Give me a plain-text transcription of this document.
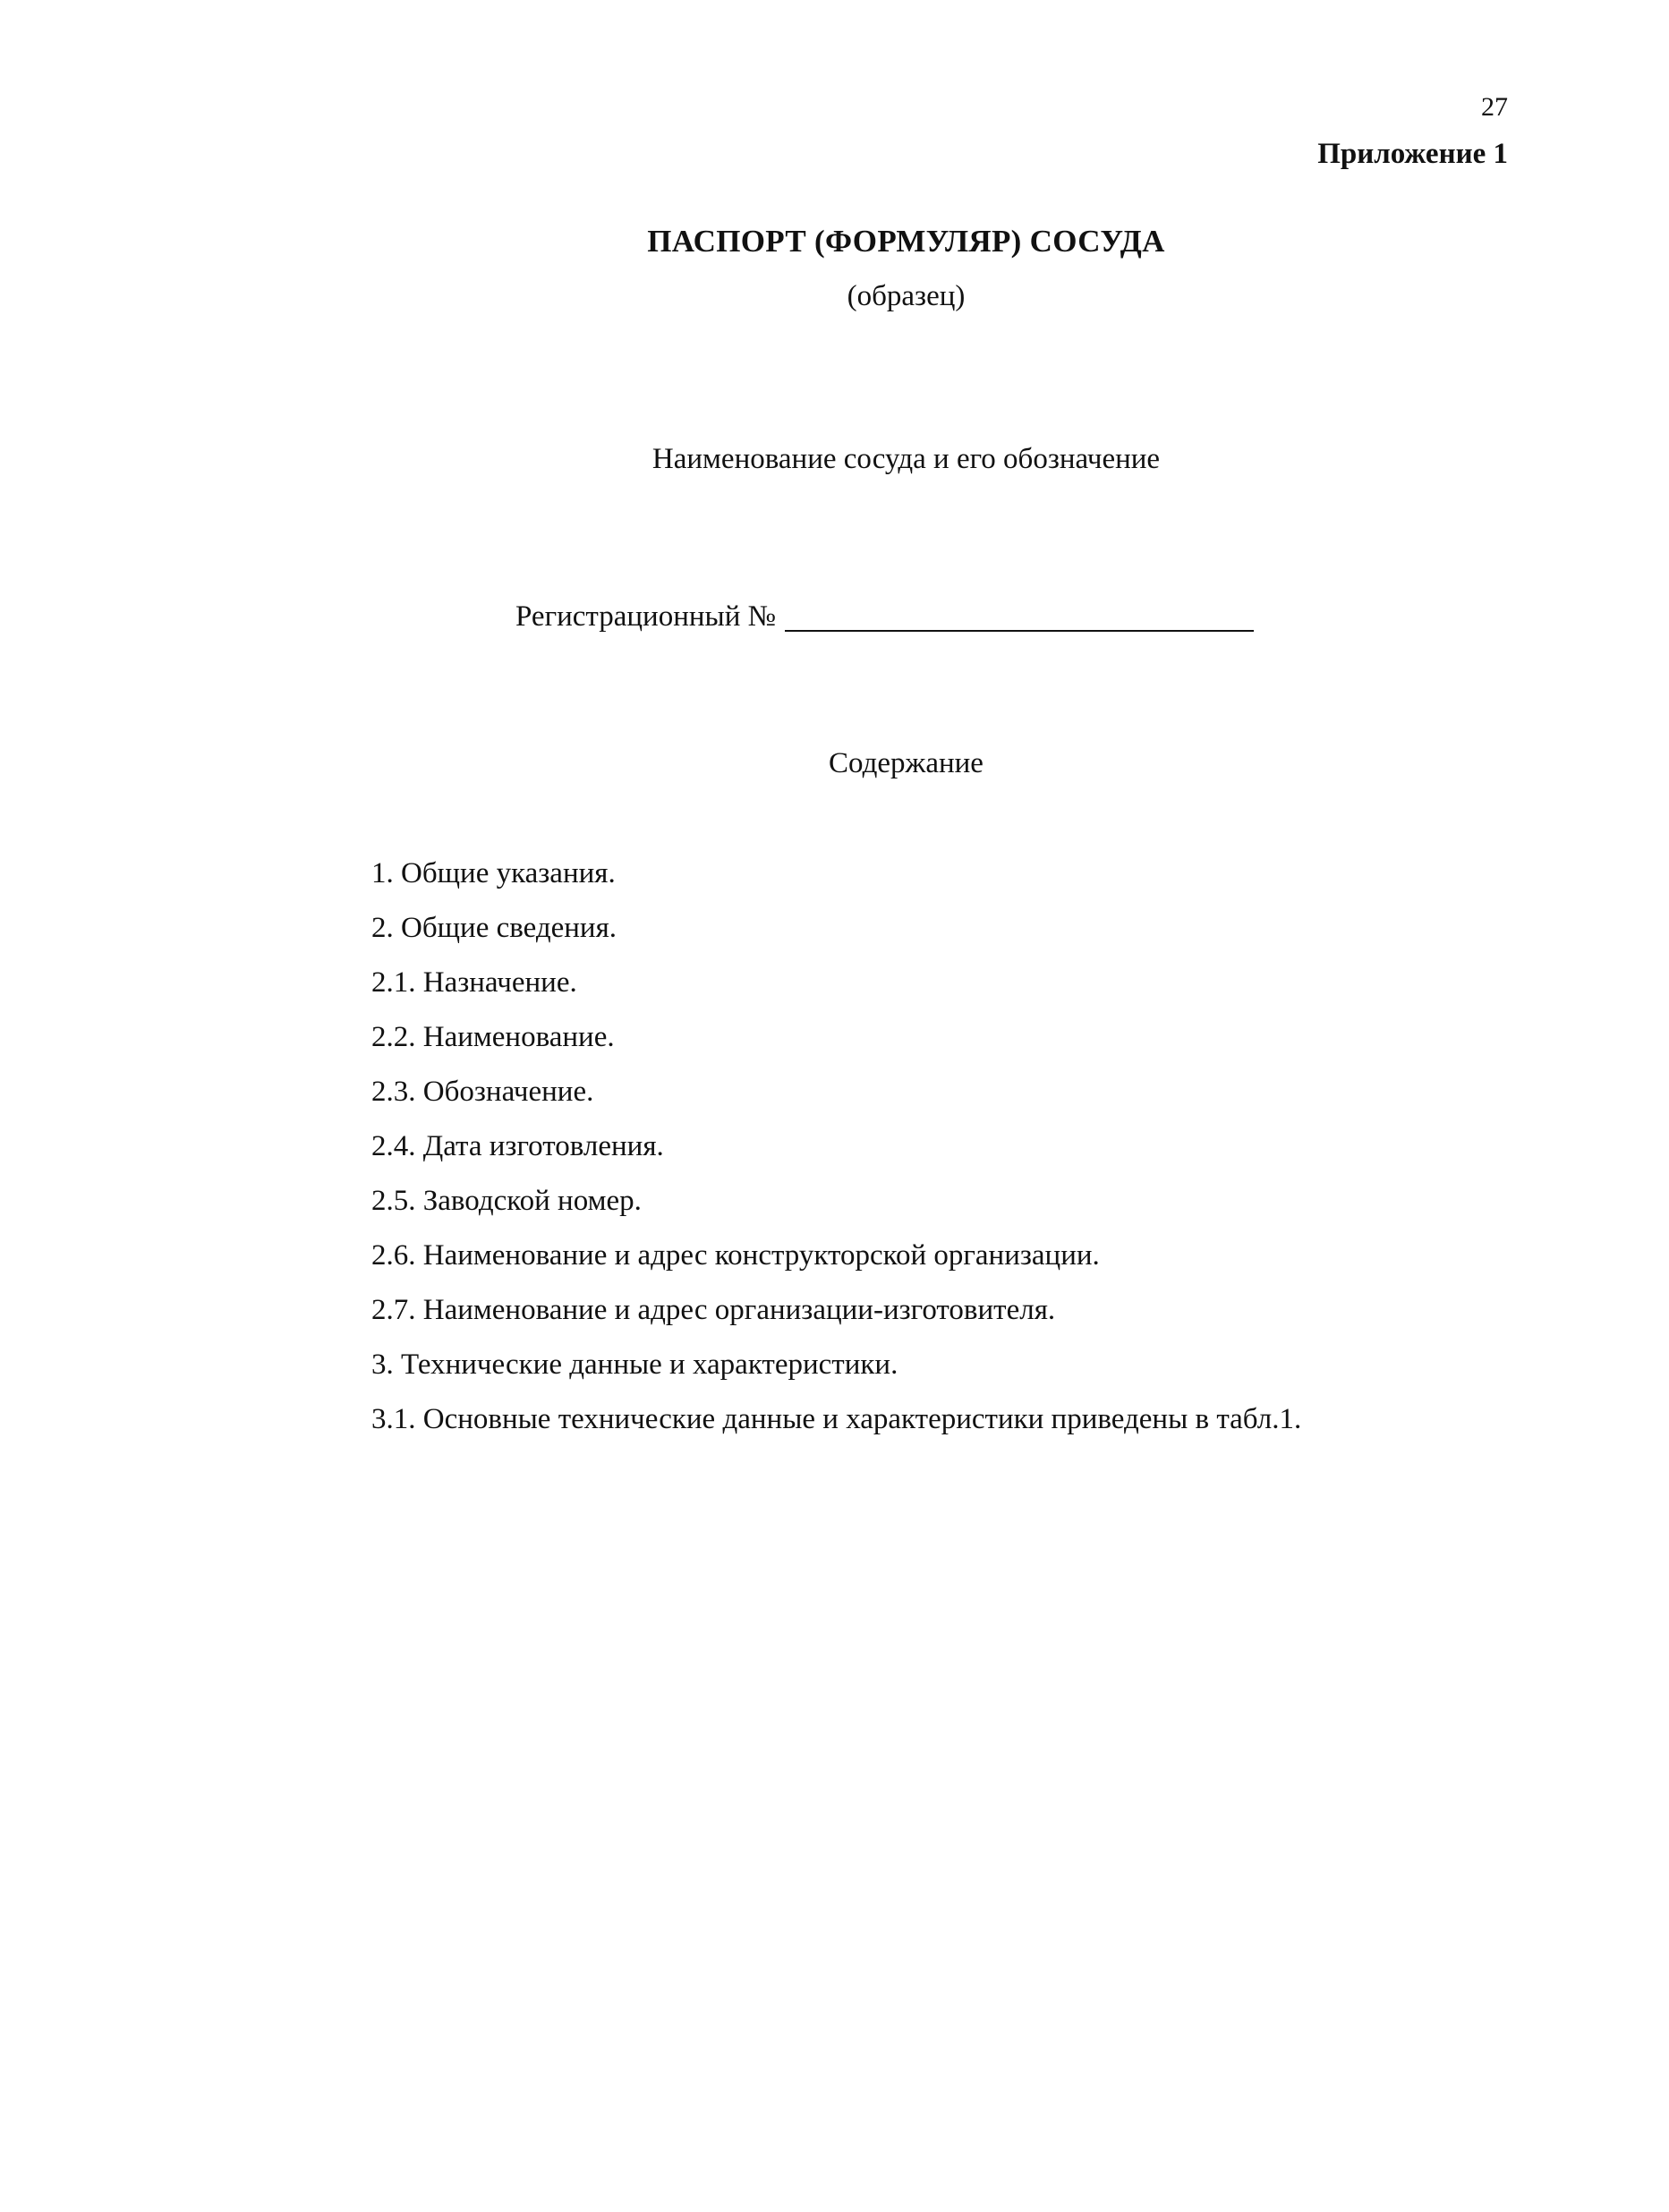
27
Приложение 1
ПАСПОРТ (ФОРМУЛЯР) СОСУДА
(образец)
Наименование сосуда и его обозначение
Регистрационный №
Содержание
1. Общие указания.
2. Общие сведения.
2.1. Назначение.
2.2. Наименование.
2.3. Обозначение.
2.4. Дата изготовления.
2.5. Заводской номер.
2.6. Наименование и адрес конструкторской организации.
2.7. Наименование и адрес организации-изготовителя.
3. Технические данные и характеристики.
3.1. Основные технические данные и характеристики приведены в табл.1.
